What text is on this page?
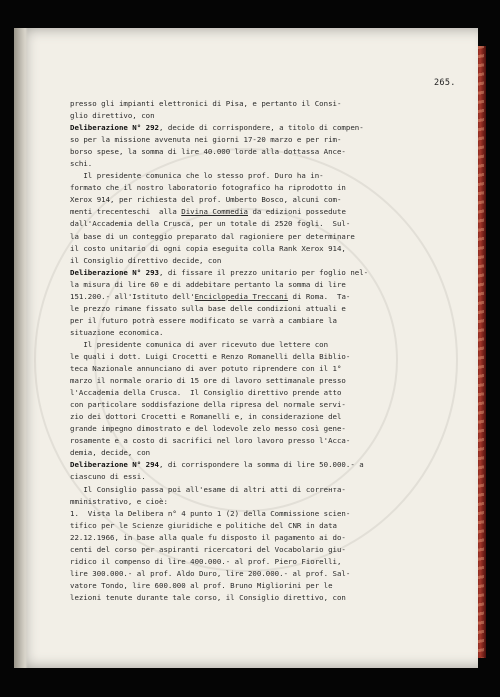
265.
presso gli impianti elettronici di Pisa, e pertanto il Consi-
glio direttivo, con
Deliberazione N° 292, decide di corrispondere, a titolo di compen-
so per la missione avvenuta nei giorni 17-20 marzo e per rim-
borso spese, la somma di lire 40.000 lorde alla dottassa Ance-
schi.
Il presidente comunica che lo stesso prof. Duro ha in-
formato che il nostro laboratorio fotografico ha riprodotto in
Xerox 914, per richiesta del prof. Umberto Bosco, alcuni com-
menti trecenteschi  alla Divina Commedia da edizioni possedute
dall'Accademia della Crusca, per un totale di 2520 fogli.  Sul-
la base di un conteggio preparato dal ragioniere per determinare
il costo unitario di ogni copia eseguita colla Rank Xerox 914,
il Consiglio direttivo decide, con
Deliberazione N° 293, di fissare il prezzo unitario per foglio nel-
la misura di lire 60 e di addebitare pertanto la somma di lire
151.200.- all'Istituto dell'Enciclopedia Treccani di Roma.  Ta-
le prezzo rimane fissato sulla base delle condizioni attuali e
per il futuro potrà essere modificato se varrà a cambiare la
situazione economica.
Il presidente comunica di aver ricevuto due lettere con
le quali i dott. Luigi Crocetti e Renzo Romanelli della Biblio-
teca Nazionale annunciano di aver potuto riprendere con il 1°
marzo il normale orario di 15 ore di lavoro settimanale presso
l'Accademia della Crusca.  Il Consiglio direttivo prende atto
con particolare soddisfazione della ripresa del normale servi-
zio dei dottori Crocetti e Romanelli e, in considerazione del
grande impegno dimostrato e del lodevole zelo messo così gene-
rosamente e a costo di sacrifici nel loro lavoro presso l'Acca-
demia, decide, con
Deliberazione N° 294, di corrispondere la somma di lire 50.000.- a
ciascuno di essi.
Il Consiglio passa poi all'esame di altri atti di corrента-
mministrativo, e cioè:
1.  Vista la Delibera n° 4 punto 1 (2) della Commissione scien-
tifico per le Scienze giuridiche e politiche del CNR in data
22.12.1966, in base alla quale fu disposto il pagamento ai do-
centi del corso per aspiranti ricercatori del Vocabolario giu-
ridico il compenso di lire 400.000.- al prof. Piero Fiorelli,
lire 300.000.- al prof. Aldo Duro, lire 200.000.- al prof. Sal-
vatore Tondo, lire 600.000 al prof. Bruno Migliorini per le
lezioni tenute durante tale corso, il Consiglio direttivo, con
